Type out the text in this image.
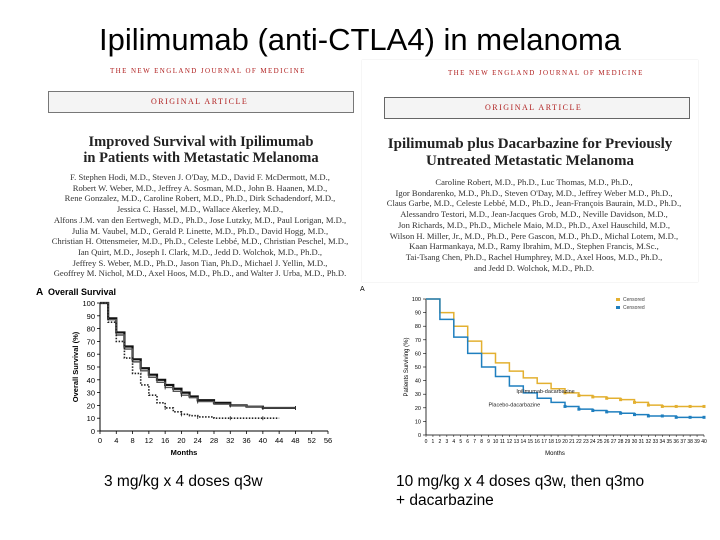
Ipilimumab (anti-CTLA4) in melanoma
THE NEW ENGLAND JOURNAL OF MEDICINE
ORIGINAL ARTICLE
Improved Survival with Ipilimumab
in Patients with Metastatic Melanoma
F. Stephen Hodi, M.D., Steven J. O'Day, M.D., David F. McDermott, M.D.,
Robert W. Weber, M.D., Jeffrey A. Sosman, M.D., John B. Haanen, M.D.,
Rene Gonzalez, M.D., Caroline Robert, M.D., Ph.D., Dirk Schadendorf, M.D.,
Jessica C. Hassel, M.D., Wallace Akerley, M.D.,
Alfons J.M. van den Eertwegh, M.D., Ph.D., Jose Lutzky, M.D., Paul Lorigan, M.D.,
Julia M. Vaubel, M.D., Gerald P. Linette, M.D., Ph.D., David Hogg, M.D.,
Christian H. Ottensmeier, M.D., Ph.D., Celeste Lebbé, M.D., Christian Peschel, M.D.,
Ian Quirt, M.D., Joseph I. Clark, M.D., Jedd D. Wolchok, M.D., Ph.D.,
Jeffrey S. Weber, M.D., Ph.D., Jason Tian, Ph.D., Michael J. Yellin, M.D.,
Geoffrey M. Nichol, M.D., Axel Hoos, M.D., Ph.D., and Walter J. Urba, M.D., Ph.D.
THE NEW ENGLAND JOURNAL OF MEDICINE
ORIGINAL ARTICLE
Ipilimumab plus Dacarbazine for Previously
Untreated Metastatic Melanoma
Caroline Robert, M.D., Ph.D., Luc Thomas, M.D., Ph.D.,
Igor Bondarenko, M.D., Ph.D., Steven O'Day, M.D., Jeffrey Weber M.D., Ph.D.,
Claus Garbe, M.D., Celeste Lebbé, M.D., Ph.D., Jean-François Baurain, M.D., Ph.D.,
Alessandro Testori, M.D., Jean-Jacques Grob, M.D., Neville Davidson, M.D.,
Jon Richards, M.D., Ph.D., Michele Maio, M.D., Ph.D., Axel Hauschild, M.D.,
Wilson H. Miller, Jr., M.D., Ph.D., Pere Gascon, M.D., Ph.D., Michal Lotem, M.D.,
Kaan Harmankaya, M.D., Ramy Ibrahim, M.D., Stephen Francis, M.Sc.,
Tai-Tsang Chen, Ph.D., Rachel Humphrey, M.D., Axel Hoos, M.D., Ph.D.,
and Jedd D. Wolchok, M.D., Ph.D.
A Overall Survival
0
10
20
30
40
50
60
70
80
90
100
0 4 8 12 16 20 24 28 32 36 40 44 48 52 56
Months
Overall Survival (%)
A
0
10
20
30
40
50
60
70
80
90
100
0 1 2 3 4 5 6 7 8 9 10 11 12 13 14 15 16 17 18 19 20 21 22 23 24 25 26 27 28 29 30 31 32 33 34 35 36 37 38 39 40
Months
Patients Surviving (%)
Censored
Censored
Ipilimumab-dacarbazine
Placebo-dacarbazine
3 mg/kg x 4 doses q3w	10 mg/kg x 4 doses q3w, then q3mo
+ dacarbazine
